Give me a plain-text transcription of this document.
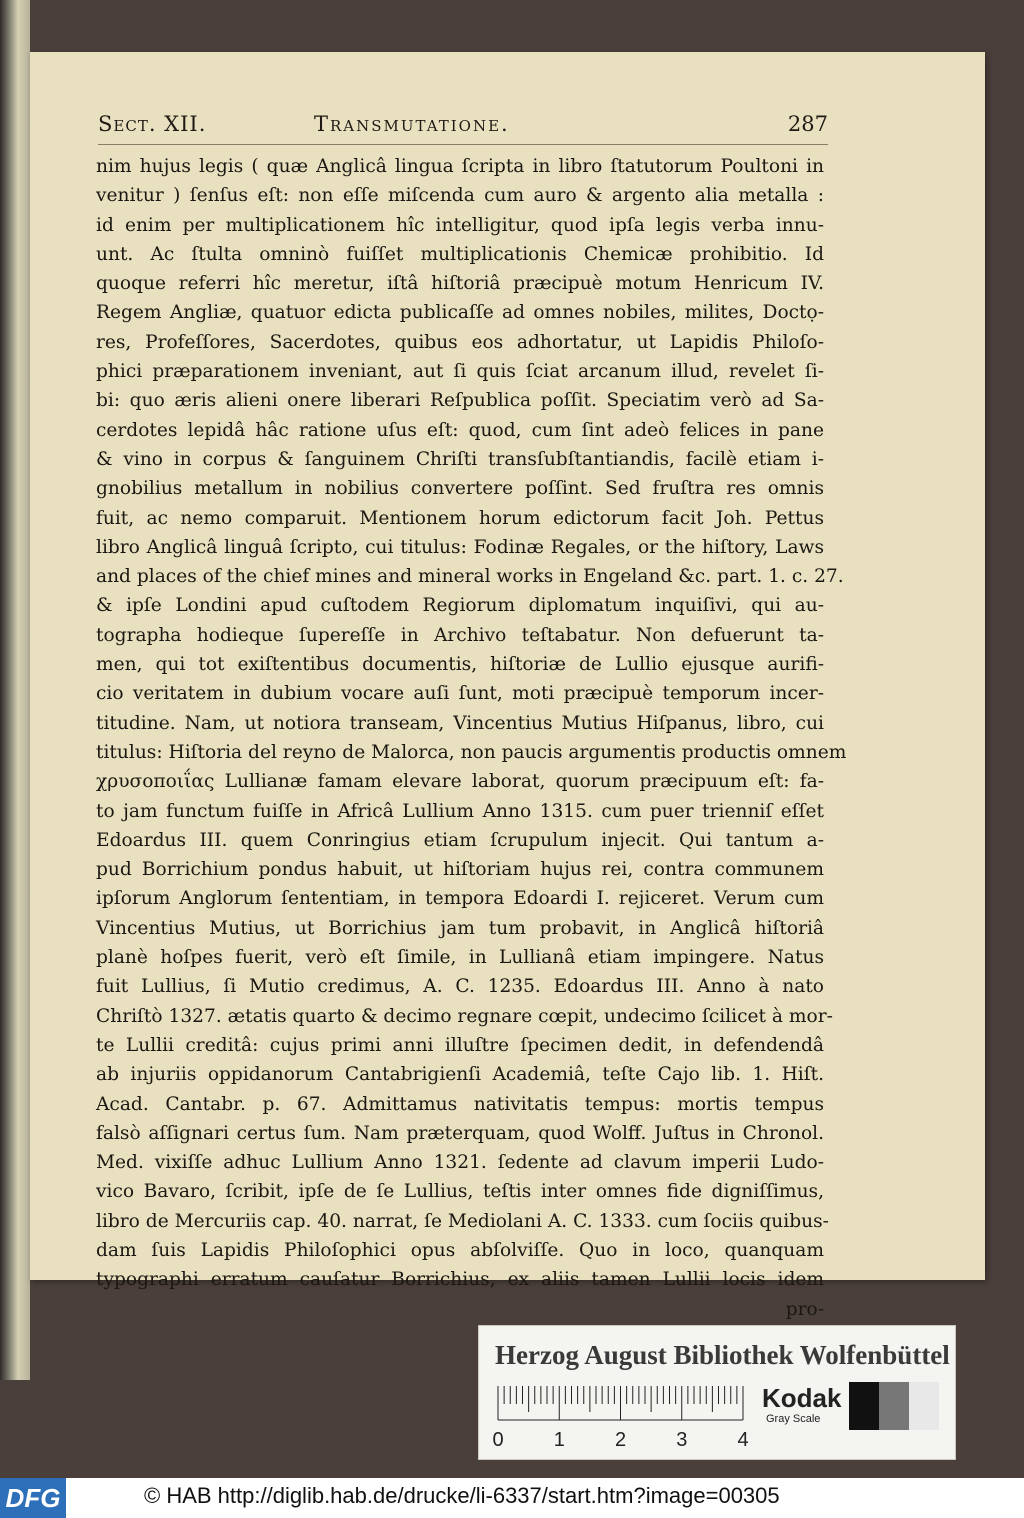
Sect. XII.	Transmutatione.	287
nim hujus legis ( quæ Anglicâ lingua ſcripta in libro ſtatutorum Poultoni in
venitur ) ſenſus eſt: non eſſe miſcenda cum auro & argento alia metalla :
id enim per multiplicationem hîc intelligitur, quod ipſa legis verba innu-
unt. Ac ſtulta omninò fuiſſet multiplicationis Chemicæ prohibitio. Id
quoque referri hîc meretur, iſtâ hiſtoriâ præcipuè motum Henricum IV.
Regem Angliæ, quatuor edicta publicaſſe ad omnes nobiles, milites, Doctọ-
res, Profeſſores, Sacerdotes, quibus eos adhortatur, ut Lapidis Philoſo-
phici præparationem inveniant, aut ſi quis ſciat arcanum illud, revelet ſi-
bi: quo æris alieni onere liberari Reſpublica poſſit. Speciatim verò ad Sa-
cerdotes lepidâ hâc ratione uſus eſt: quod, cum ſint adeò felices in pane
& vino in corpus & ſanguinem Chriſti transſubſtantiandis, facilè etiam i-
gnobilius metallum in nobilius convertere poſſint. Sed fruſtra res omnis
fuit, ac nemo comparuit. Mentionem horum edictorum facit Joh. Pettus
libro Anglicâ linguâ ſcripto, cui titulus: Fodinæ Regales, or the hiſtory, Laws
and places of the chief mines and mineral works in Engeland &c. part. 1. c. 27.
& ipſe Londini apud cuſtodem Regiorum diplomatum inquiſivi, qui au-
tographa hodieque ſupereſſe in Archivo teſtabatur. Non defuerunt ta-
men, qui tot exiſtentibus documentis, hiſtoriæ de Lullio ejusque aurifi-
cio veritatem in dubium vocare auſi ſunt, moti præcipuè temporum incer-
titudine. Nam, ut notiora transeam, Vincentius Mutius Hiſpanus, libro, cui
titulus: Hiſtoria del reyno de Malorca, non paucis argumentis productis omnem
χρυσοποιΐας Lullianæ famam elevare laborat, quorum præcipuum eſt: fa-
to jam functum fuiſſe in Africâ Lullium Anno 1315. cum puer trienniſ eſſet
Edoardus III. quem Conringius etiam ſcrupulum injecit. Qui tantum a-
pud Borrichium pondus habuit, ut hiſtoriam hujus rei, contra communem
ipſorum Anglorum ſententiam, in tempora Edoardi I. rejiceret. Verum cum
Vincentius Mutius, ut Borrichius jam tum probavit, in Anglicâ hiſtoriâ
planè hoſpes fuerit, verò eſt ſimile, in Lullianâ etiam impingere. Natus
fuit Lullius, ſi Mutio credimus, A. C. 1235. Edoardus III. Anno à nato
Chriſtò 1327. ætatis quarto & decimo regnare cœpit, undecimo ſcilicet à mor-
te Lullii creditâ: cujus primi anni illuſtre ſpecimen dedit, in defendendâ
ab injuriis oppidanorum Cantabrigienſi Academiâ, teſte Cajo lib. 1. Hiſt.
Acad. Cantabr. p. 67. Admittamus nativitatis tempus: mortis tempus
falsò aſſignari certus ſum. Nam præterquam, quod Wolff. Juſtus in Chronol.
Med. vixiſſe adhuc Lullium Anno 1321. ſedente ad clavum imperii Ludo-
vico Bavaro, ſcribit, ipſe de ſe Lullius, teſtis inter omnes fide digniſſimus,
libro de Mercuriis cap. 40. narrat, ſe Mediolani A. C. 1333. cum ſociis quibus-
dam ſuis Lapidis Philoſophici opus abſolviſſe. Quo in loco, quanquam
typographi erratum cauſatur Borrichius, ex aliis tamen Lullii locis idem
pro-
Herzog August Bibliothek Wolfenbüttel
0	1	2	3	4
Kodak
Gray Scale
DFG	© HAB http://diglib.hab.de/drucke/li-6337/start.htm?image=00305
